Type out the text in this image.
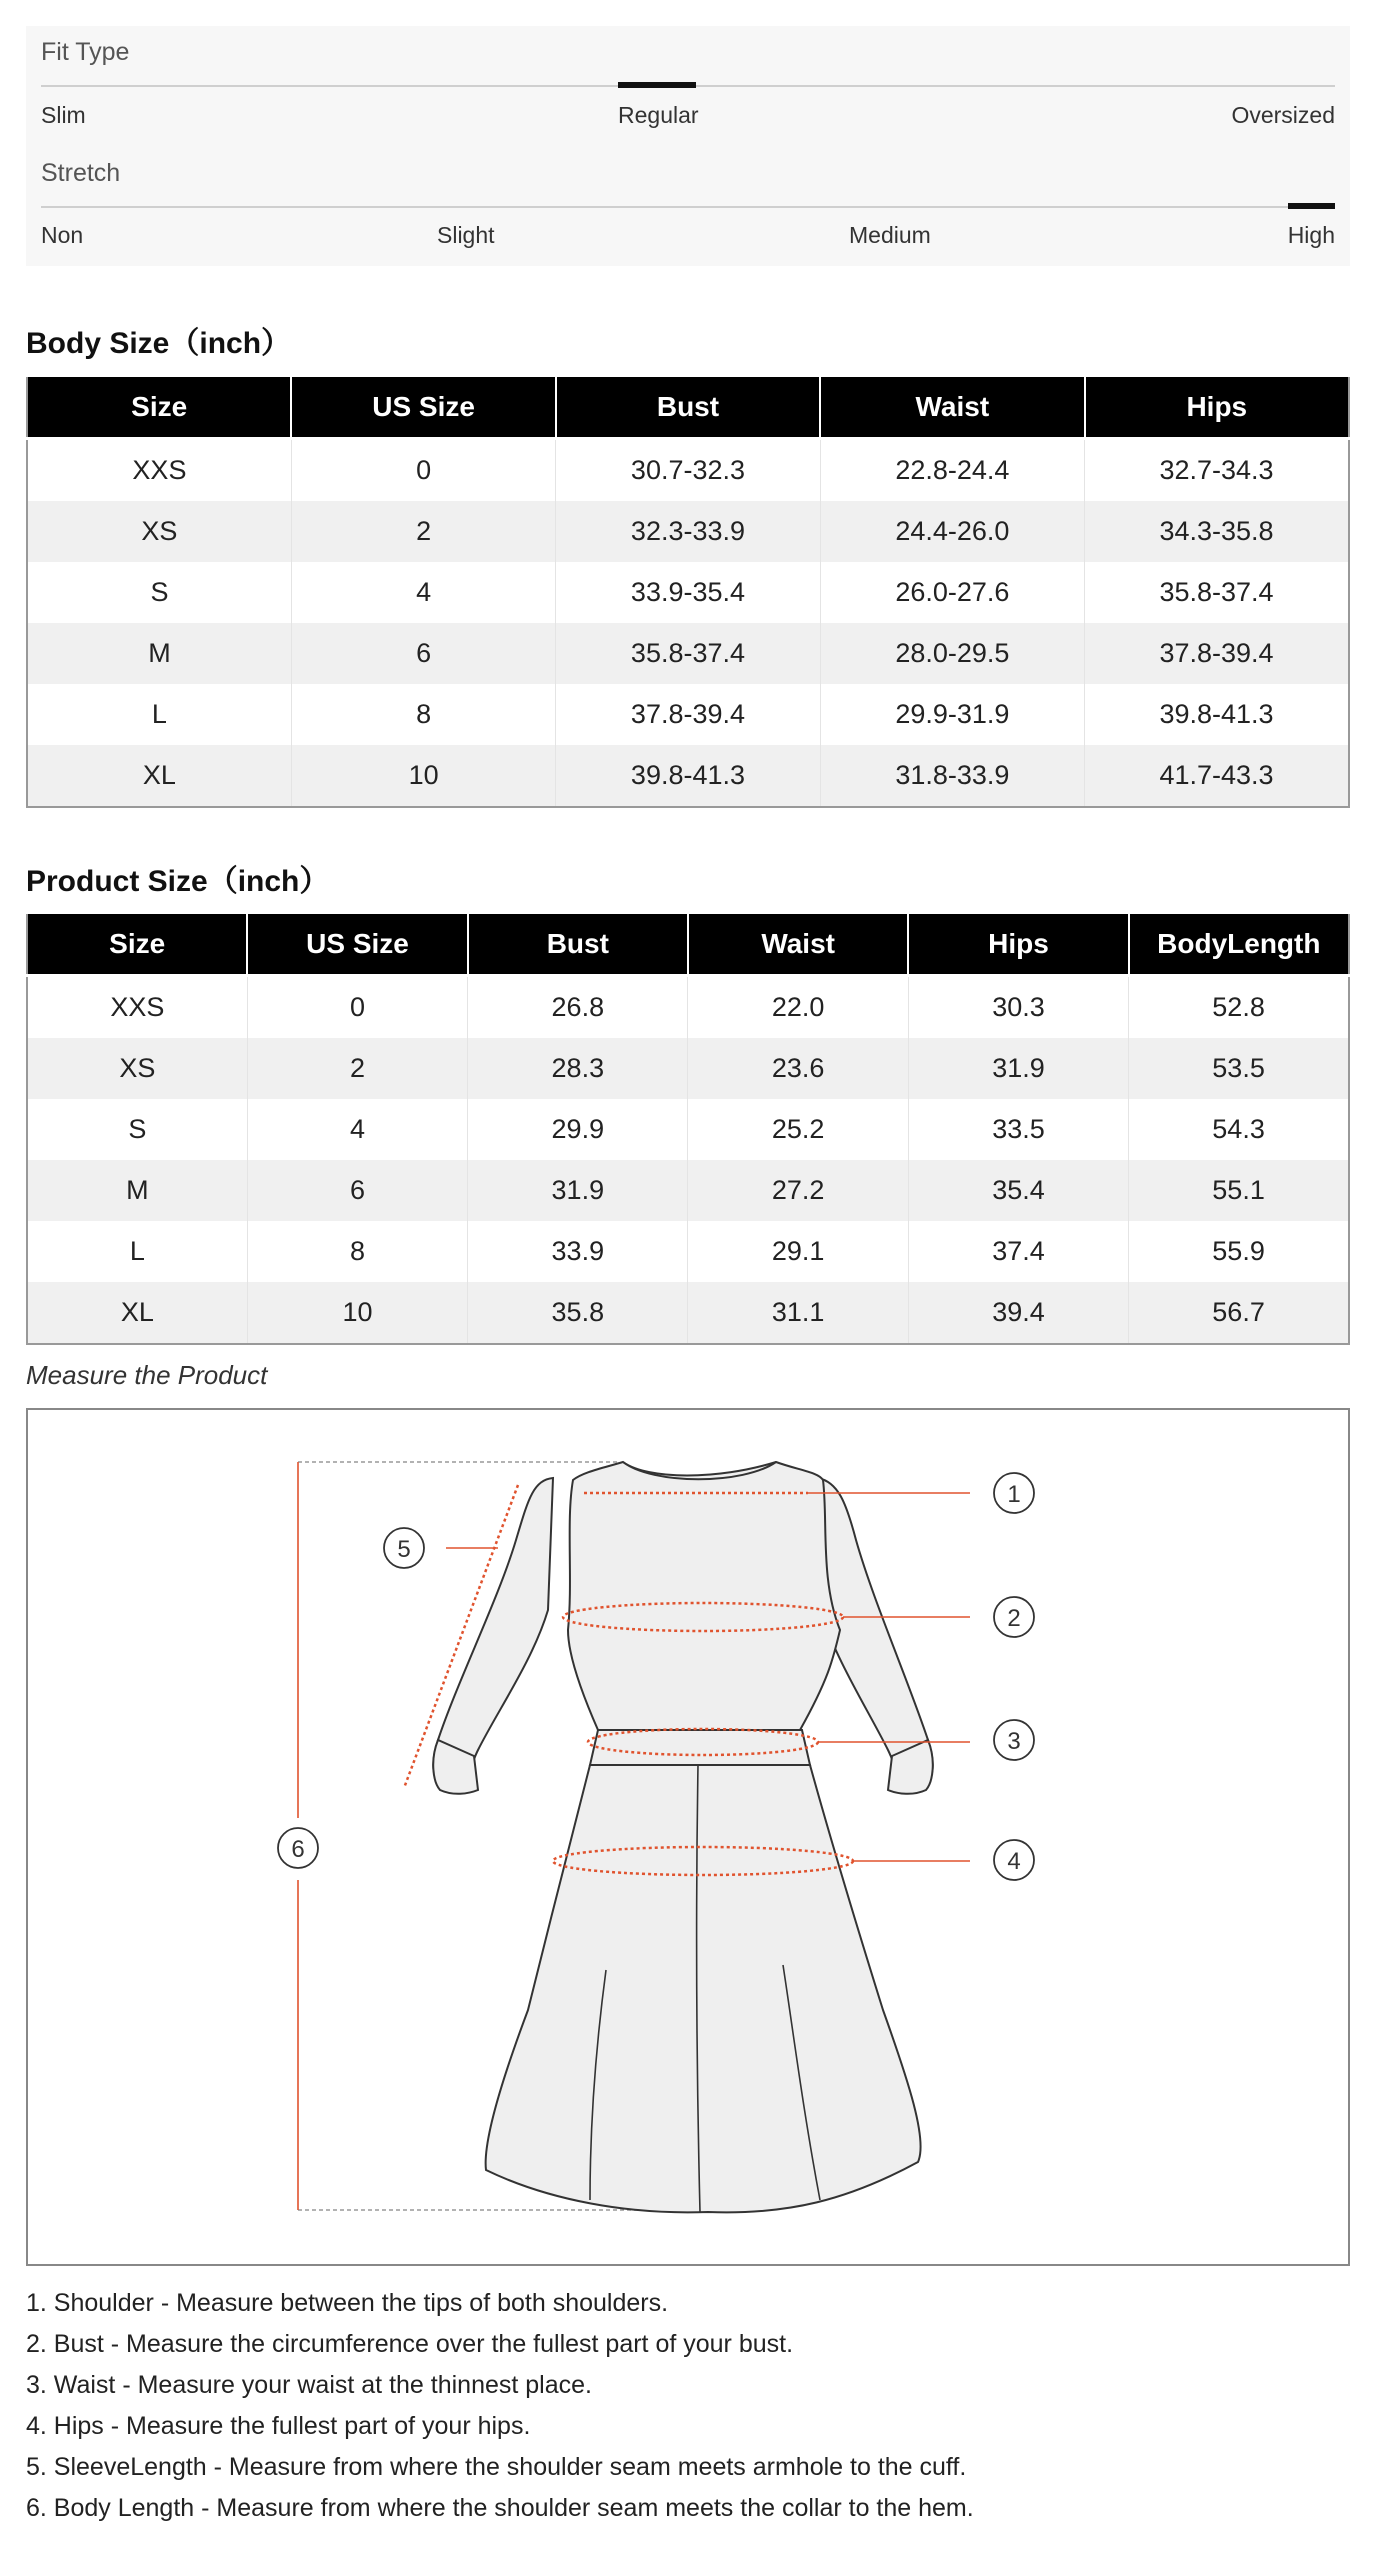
Fit Type
Slim	Regular	Oversized
Stretch
Non	Slight	Medium	High
Body Size（inch）
Size	US Size	Bust	Waist	Hips
XXS	0	30.7-32.3	22.8-24.4	32.7-34.3
XS	2	32.3-33.9	24.4-26.0	34.3-35.8
S	4	33.9-35.4	26.0-27.6	35.8-37.4
M	6	35.8-37.4	28.0-29.5	37.8-39.4
L	8	37.8-39.4	29.9-31.9	39.8-41.3
XL	10	39.8-41.3	31.8-33.9	41.7-43.3
Product Size（inch）
Size	US Size	Bust	Waist	Hips	BodyLength
XXS	0	26.8	22.0	30.3	52.8
XS	2	28.3	23.6	31.9	53.5
S	4	29.9	25.2	33.5	54.3
M	6	31.9	27.2	35.4	55.1
L	8	33.9	29.1	37.4	55.9
XL	10	35.8	31.1	39.4	56.7
Measure the Product
1
2
3
4
5
6
1. Shoulder - Measure between the tips of both shoulders.
2. Bust - Measure the circumference over the fullest part of your bust.
3. Waist - Measure your waist at the thinnest place.
4. Hips - Measure the fullest part of your hips.
5. SleeveLength - Measure from where the shoulder seam meets armhole to the cuff.
6. Body Length - Measure from where the shoulder seam meets the collar to the hem.
